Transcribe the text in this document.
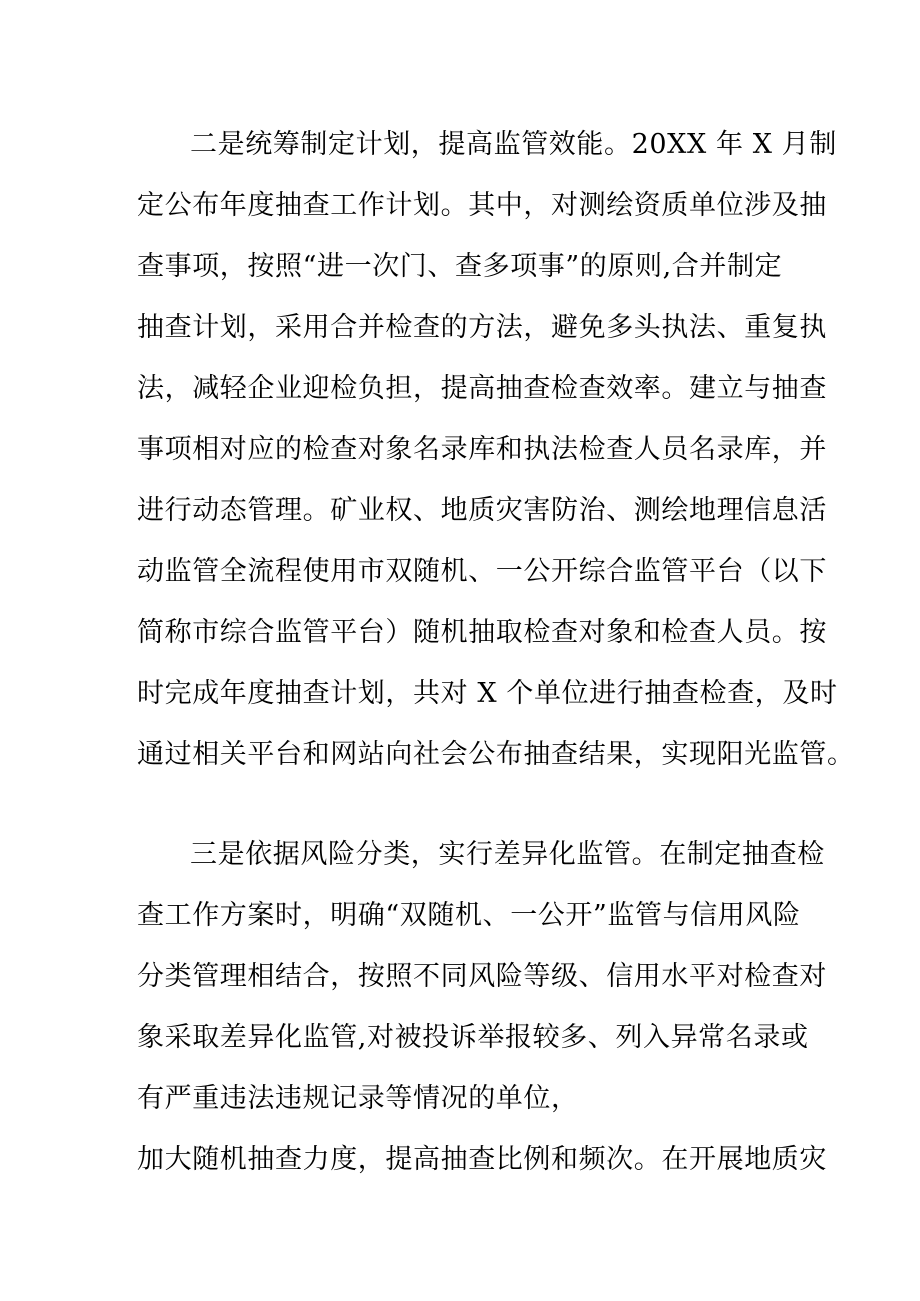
二是统筹制定计划，提高监管效能。20XX 年 X 月制
定公布年度抽查工作计划。其中，对测绘资质单位涉及抽
查事项，按照“进一次门、查多项事”的原则,合并制定
抽查计划，采用合并检查的方法，避免多头执法、重复执
法，减轻企业迎检负担，提高抽查检查效率。建立与抽查
事项相对应的检查对象名录库和执法检查人员名录库，并
进行动态管理。矿业权、地质灾害防治、测绘地理信息活
动监管全流程使用市双随机、一公开综合监管平台（以下
简称市综合监管平台）随机抽取检查对象和检查人员。按
时完成年度抽查计划，共对 X 个单位进行抽查检查，及时
通过相关平台和网站向社会公布抽查结果，实现阳光监管。
三是依据风险分类，实行差异化监管。在制定抽查检
查工作方案时，明确“双随机、一公开”监管与信用风险
分类管理相结合，按照不同风险等级、信用水平对检查对
象采取差异化监管,对被投诉举报较多、列入异常名录或
有严重违法违规记录等情况的单位，
加大随机抽查力度，提高抽查比例和频次。在开展地质灾
